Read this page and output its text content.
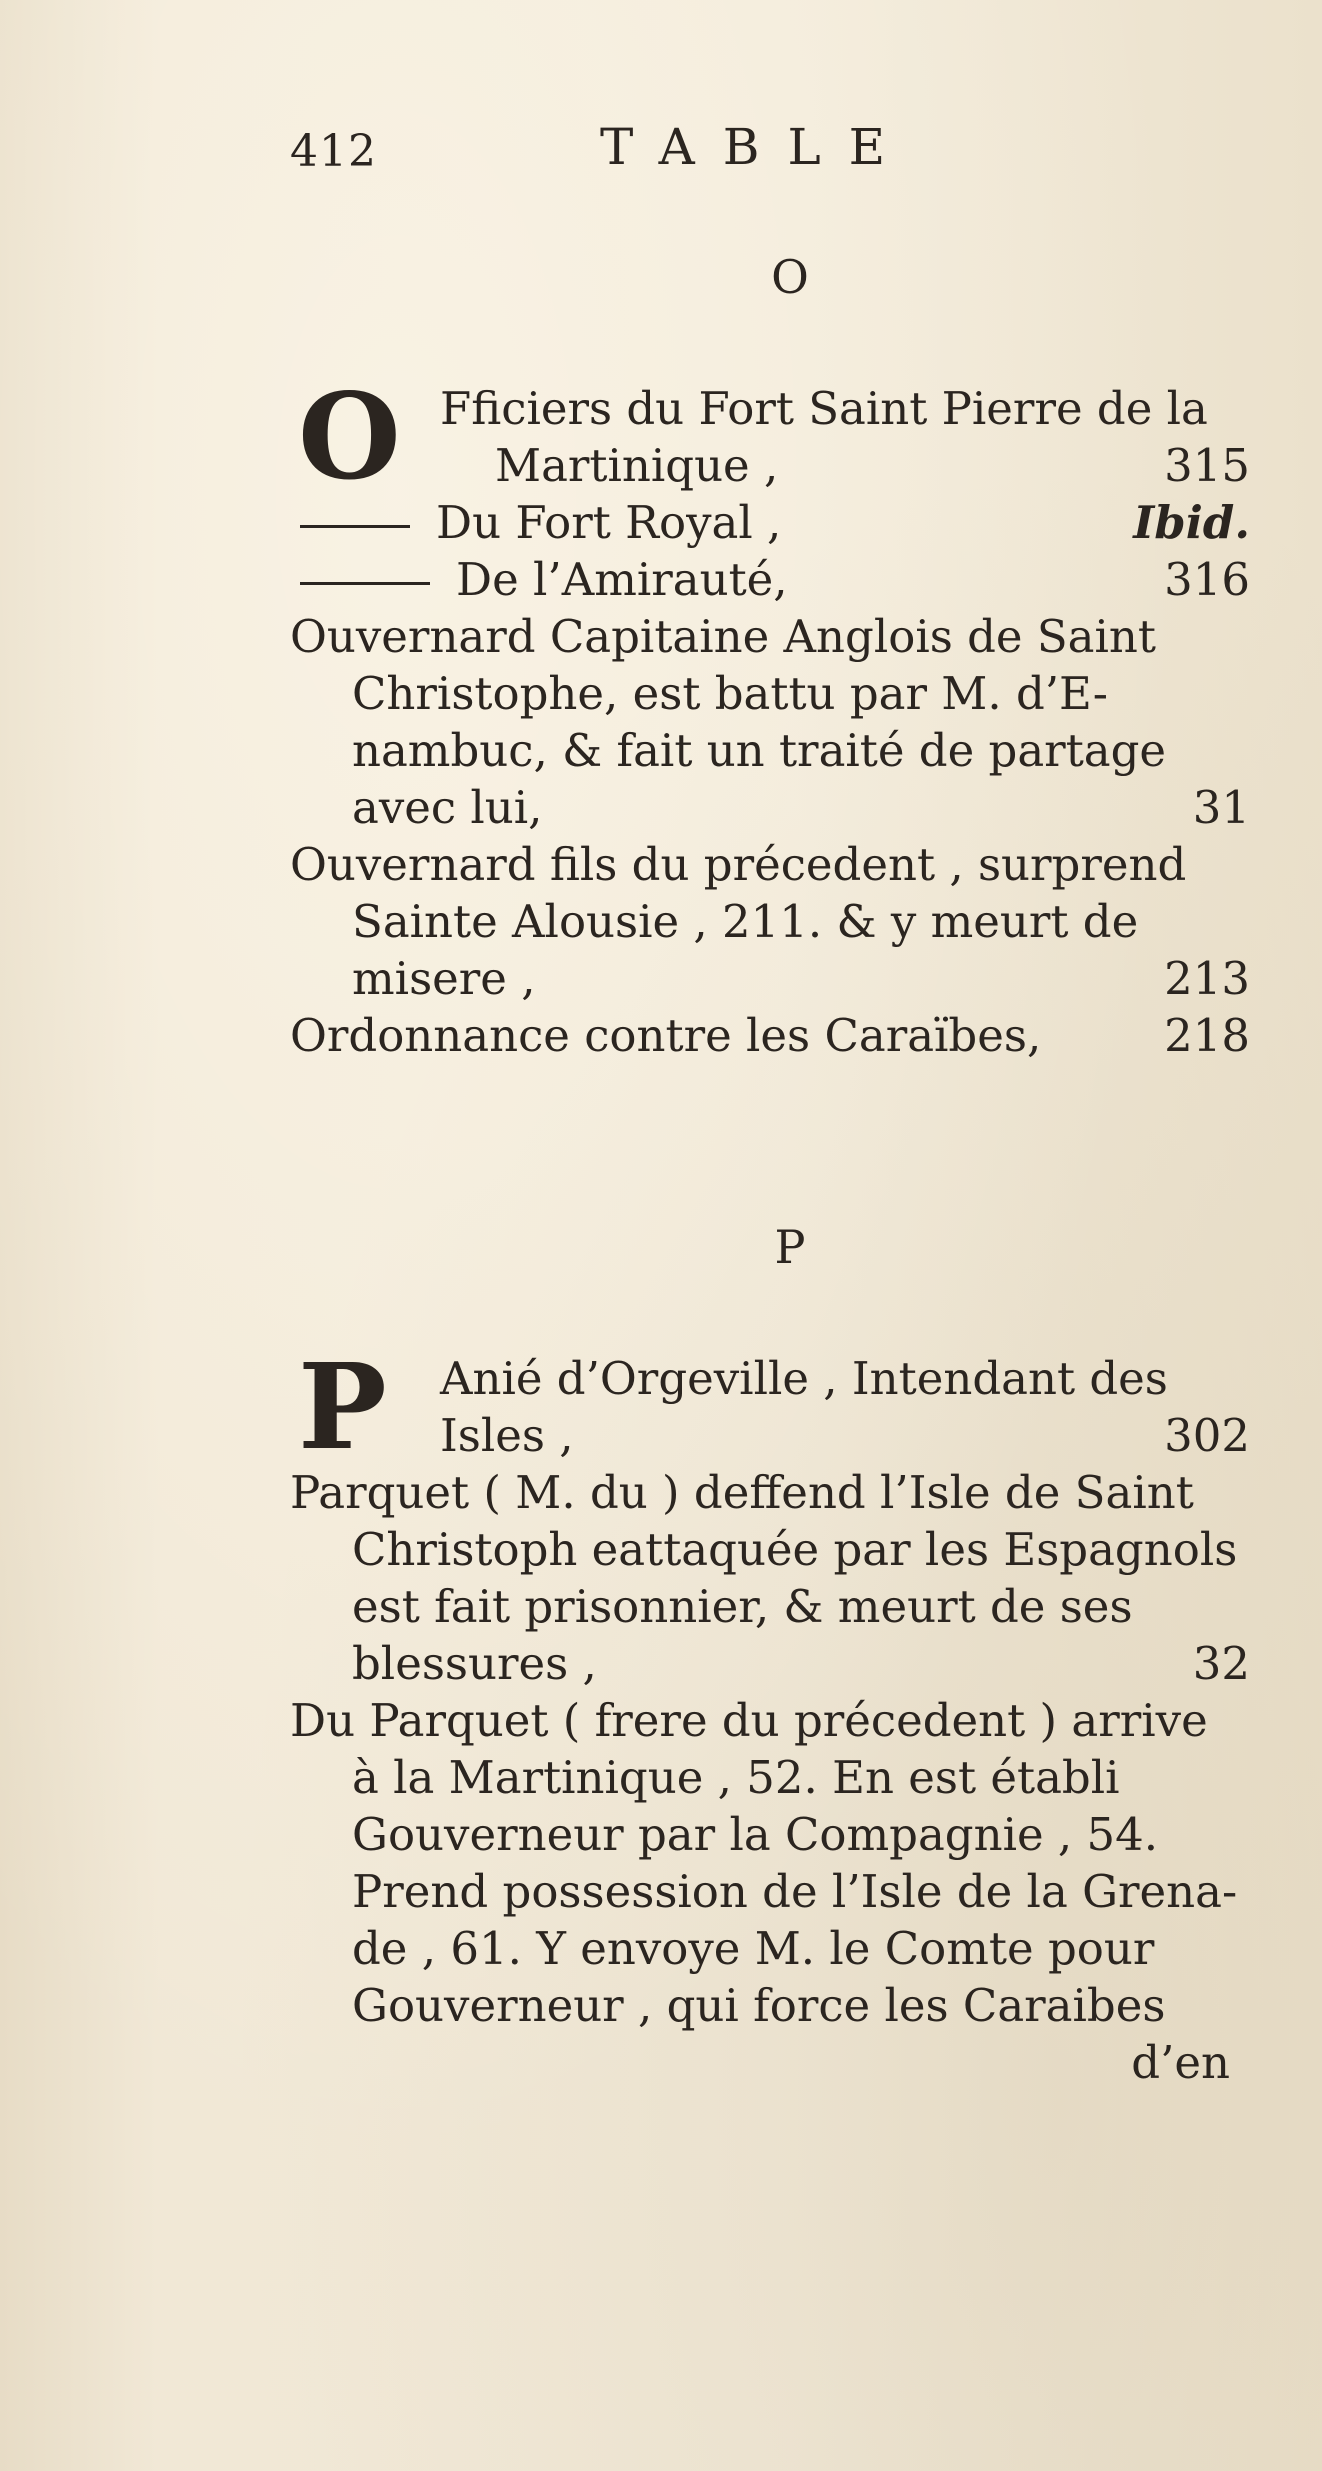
412	TABLE
O
O Fficiers du Fort Saint Pierre de la
Martinique ,	315
Du Fort Royal ,	Ibid.
De l’Amirauté,	316
Ouvernard Capitaine Anglois de Saint
Christophe, est battu par M. d’E-
nambuc, & fait un traité de partage
avec lui,	31
Ouvernard fils du précedent , surprend
Sainte Alousie , 211. & y meurt de
misere ,	213
Ordonnance contre les Caraïbes,	218
P
P	Anié d’Orgeville , Intendant des
Isles ,	302
Parquet ( M. du ) deffend l’Isle de Saint
Christoph eattaquée par les Espagnols
est fait prisonnier, & meurt de ses
blessures ,	32
Du Parquet ( frere du précedent ) arrive
à la Martinique , 52. En est établi
Gouverneur par la Compagnie , 54.
Prend possession de l’Isle de la Grena-
de , 61. Y envoye M. le Comte pour
Gouverneur , qui force les Caraibes
d’en
